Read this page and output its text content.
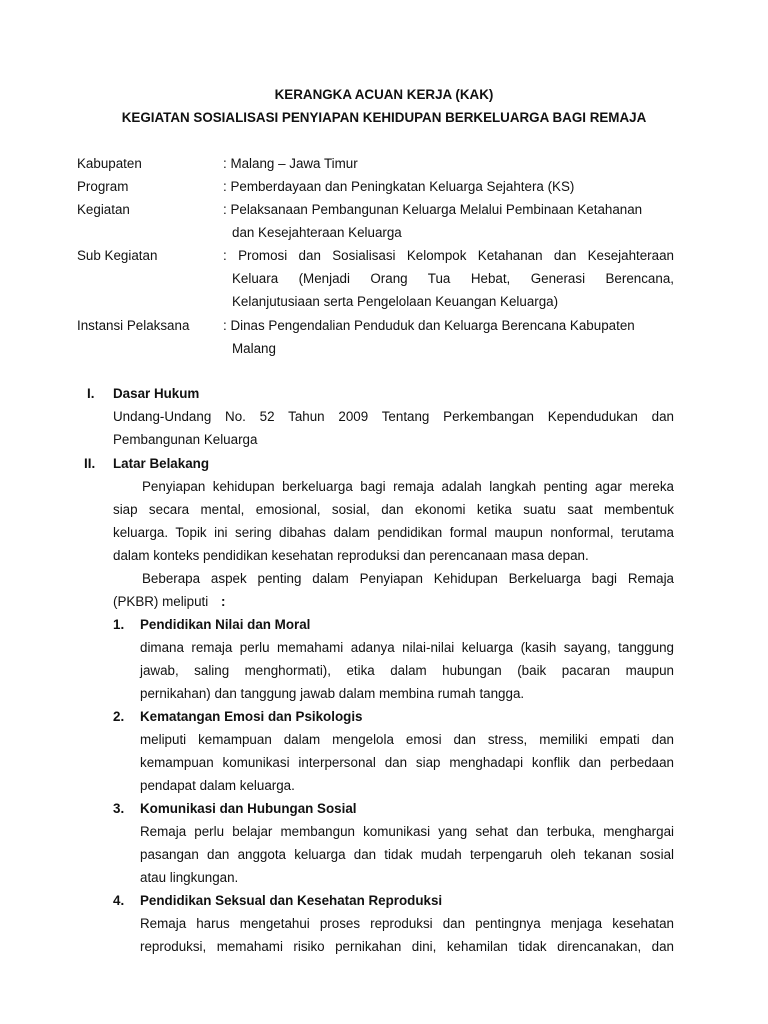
KERANGKA ACUAN KERJA (KAK)
KEGIATAN SOSIALISASI PENYIAPAN KEHIDUPAN BERKELUARGA BAGI REMAJA
Kabupaten	: Malang – Jawa Timur
Program	: Pemberdayaan dan Peningkatan Keluarga Sejahtera (KS)
Kegiatan	: Pelaksanaan Pembangunan Keluarga Melalui Pembinaan Ketahanan
dan Kesejahteraan Keluarga
Sub Kegiatan	: Promosi dan Sosialisasi Kelompok Ketahanan dan Kesejahteraan
Keluara (Menjadi Orang Tua Hebat, Generasi Berencana,
Kelanjutusiaan serta Pengelolaan Keuangan Keluarga)
Instansi Pelaksana	: Dinas Pengendalian Penduduk dan Keluarga Berencana Kabupaten
Malang
I. Dasar Hukum
Undang-Undang No. 52 Tahun 2009 Tentang Perkembangan Kependudukan dan
Pembangunan Keluarga
II. Latar Belakang
Penyiapan kehidupan berkeluarga bagi remaja adalah langkah penting agar mereka
siap secara mental, emosional, sosial, dan ekonomi ketika suatu saat membentuk
keluarga. Topik ini sering dibahas dalam pendidikan formal maupun nonformal, terutama
dalam konteks pendidikan kesehatan reproduksi dan perencanaan masa depan.
Beberapa aspek penting dalam Penyiapan Kehidupan Berkeluarga bagi Remaja
(PKBR) meliputi :
1. Pendidikan Nilai dan Moral
dimana remaja perlu memahami adanya nilai-nilai keluarga (kasih sayang, tanggung
jawab, saling menghormati), etika dalam hubungan (baik pacaran maupun
pernikahan) dan tanggung jawab dalam membina rumah tangga.
2. Kematangan Emosi dan Psikologis
meliputi kemampuan dalam mengelola emosi dan stress, memiliki empati dan
kemampuan komunikasi interpersonal dan siap menghadapi konflik dan perbedaan
pendapat dalam keluarga.
3. Komunikasi dan Hubungan Sosial
Remaja perlu belajar membangun komunikasi yang sehat dan terbuka, menghargai
pasangan dan anggota keluarga dan tidak mudah terpengaruh oleh tekanan sosial
atau lingkungan.
4. Pendidikan Seksual dan Kesehatan Reproduksi
Remaja harus mengetahui proses reproduksi dan pentingnya menjaga kesehatan
reproduksi, memahami risiko pernikahan dini, kehamilan tidak direncanakan, dan
